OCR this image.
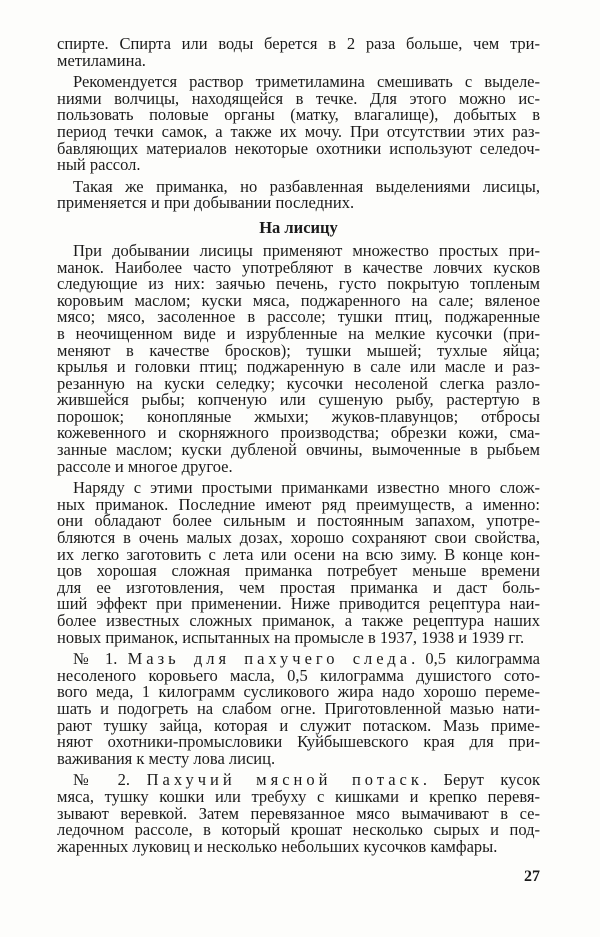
спирте. Спирта или воды берется в 2 раза больше, чем три-
метиламина.
Рекомендуется раствор триметиламина смешивать с выделе-
ниями волчицы, находящейся в течке. Для этого можно ис-
пользовать половые органы (матку, влагалище), добытых в
период течки самок, а также их мочу. При отсутствии этих раз-
бавляющих материалов некоторые охотники используют селедоч-
ный рассол.
Такая же приманка, но разбавленная выделениями лисицы,
применяется и при добывании последних.
На лисицу
При добывании лисицы применяют множество простых при-
манок. Наиболее часто употребляют в качестве ловчих кусков
следующие из них: заячью печень, густо покрытую топленым
коровьим маслом; куски мяса, поджаренного на сале; вяленое
мясо; мясо, засоленное в рассоле; тушки птиц, поджаренные
в неочищенном виде и изрубленные на мелкие кусочки (при-
меняют в качестве бросков); тушки мышей; тухлые яйца;
крылья и головки птиц; поджаренную в сале или масле и раз-
резанную на куски селедку; кусочки несоленой слегка разло-
жившейся рыбы; копченую или сушеную рыбу, растертую в
порошок; конопляные жмыхи; жуков-плавунцов; отбросы
кожевенного и скорняжного производства; обрезки кожи, сма-
занные маслом; куски дубленой овчины, вымоченные в рыбьем
рассоле и многое другое.
Наряду с этими простыми приманками известно много слож-
ных приманок. Последние имеют ряд преимуществ, а именно:
они обладают более сильным и постоянным запахом, употре-
бляются в очень малых дозах, хорошо сохраняют свои свойства,
их легко заготовить с лета или осени на всю зиму. В конце кон-
цов хорошая сложная приманка потребует меньше времени
для ее изготовления, чем простая приманка и даст боль-
ший эффект при применении. Ниже приводится рецептура наи-
более известных сложных приманок, а также рецептура наших
новых приманок, испытанных на промысле в 1937, 1938 и 1939 гг.
№ 1. Мазь для пахучего следа. 0,5 килограмма
несоленого коровьего масла, 0,5 килограмма душистого сото-
вого меда, 1 килограмм сусликового жира надо хорошо переме-
шать и подогреть на слабом огне. Приготовленной мазью нати-
рают тушку зайца, которая и служит потаском. Мазь приме-
няют охотники-промысловики Куйбышевского края для при-
важивания к месту лова лисиц.
№ 2. Пахучий мясной потаск. Берут кусок
мяса, тушку кошки или требуху с кишками и крепко перевя-
зывают веревкой. Затем перевязанное мясо вымачивают в се-
ледочном рассоле, в который крошат несколько сырых и под-
жаренных луковиц и несколько небольших кусочков камфары.
27
